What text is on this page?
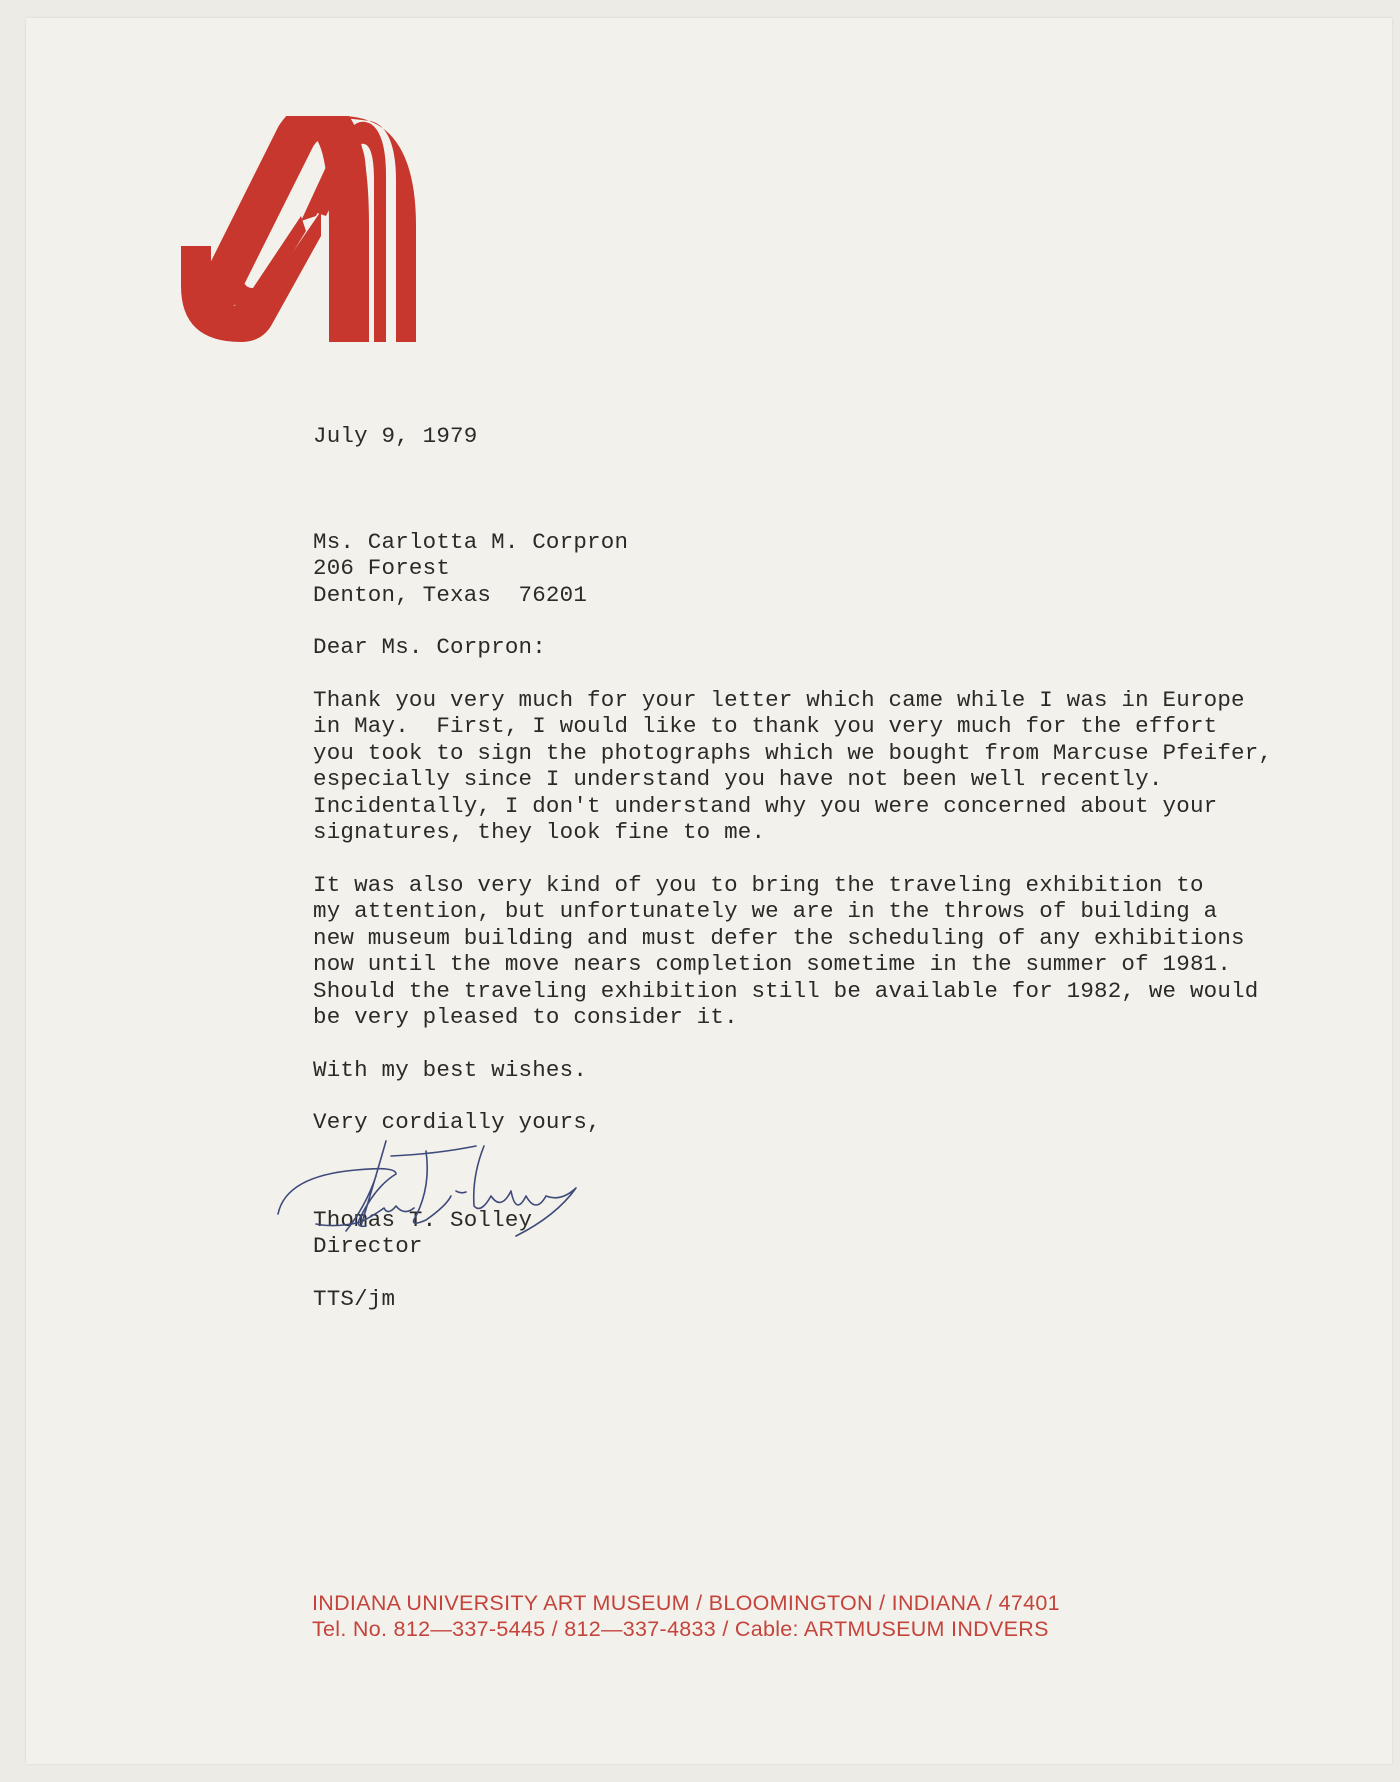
July 9, 1979

Ms. Carlotta M. Corpron

206 Forest

Denton, Texas  76201

Dear Ms. Corpron:

Thank you very much for your letter which came while I was in Europe

in May.  First, I would like to thank you very much for the effort

you took to sign the photographs which we bought from Marcuse Pfeifer,

especially since I understand you have not been well recently.

Incidentally, I don't understand why you were concerned about your

signatures, they look fine to me.

It was also very kind of you to bring the traveling exhibition to

my attention, but unfortunately we are in the throws of building a

new museum building and must defer the scheduling of any exhibitions

now until the move nears completion sometime in the summer of 1981.

Should the traveling exhibition still be available for 1982, we would

be very pleased to consider it.

With my best wishes.
Very cordially yours,

Thomas T. Solley

Director

TTS/jm
INDIANA UNIVERSITY ART MUSEUM / BLOOMINGTON / INDIANA / 47401
Tel. No. 812—337-5445 / 812—337-4833 / Cable: ARTMUSEUM INDVERS
